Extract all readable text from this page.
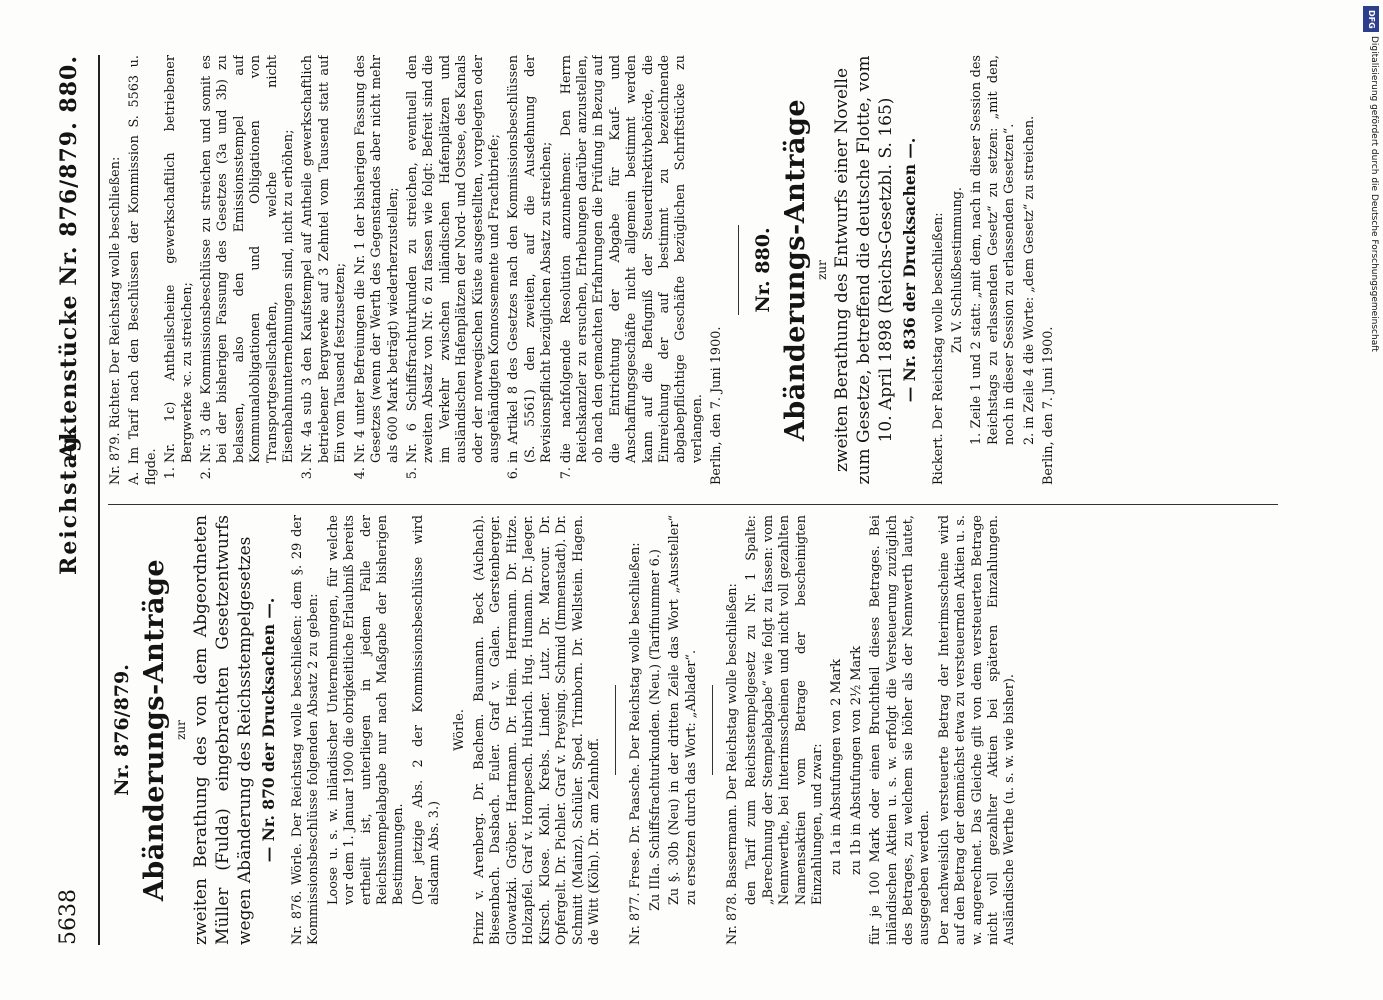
5638
Reichstag.
Aktenstücke Nr. 876/879. 880.
Nr. 876/879. Abänderungs-Anträge zur zweiten Berathung des von dem Abgeordneten Müller (Fulda) eingebrachten Gesetzentwurfs wegen Abänderung des Reichsstempelgesetzes — Nr. 870 der Drucksachen —. Nr. 876. Wörle. Der Reichstag wolle beschließen: dem §. 29 der Kommissionsbeschlüsse folgenden Absatz 2 zu geben: Loose u. s. w. inländischer Unternehmungen, für welche vor dem 1. Januar 1900 die obrigkeitliche Erlaubniß bereits ertheilt ist, unterliegen in jedem Falle der Reichsstempelabgabe nur nach Maßgabe der bisherigen Bestimmungen. (Der jetzige Abs. 2 der Kommissionsbeschlüsse wird alsdann Abs. 3.)

Wörle. Prinz v. Arenberg. Dr. Bachem. Baumann. Beck (Aichach). Biesenbach. Dasbach. Euler. Graf v. Galen. Gerstenberger. Glowatzki. Gröber. Hartmann. Dr. Heim. Herrmann. Dr. Hitze. Holzapfel. Graf v. Hompesch. Hubrich. Hug. Humann. Dr. Jaeger. Kirsch. Klose. Kohl. Krebs. Linder. Lutz. Dr. Marcour. Dr. Opfergelt. Dr. Pichler. Graf v. Preysing. Schmid (Immenstadt). Dr. Schmitt (Mainz). Schüler. Sped. Trimborn. Dr. Wellstein. Hagen. de Witt (Köln). Dr. am Zehnhoff. Nr. 877. Frese. Dr. Paasche. Der Reichstag wolle beschließen: Zu IIIa. Schiffsfrachturkunden. (Neu.) (Tarifnummer 6.) Zu §. 30b (Neu) in der dritten Zeile das Wort „Aussteller“ zu ersetzen durch das Wort: „Ablader“. Nr. 878. Bassermann. Der Reichstag wolle beschließen: den Tarif zum Reichsstempelgesetz zu Nr. 1 Spalte: „Berechnung der Stempelabgabe“ wie folgt zu fassen: vom Nennwerthe, bei Interimsscheinen und nicht voll gezahlten Namensaktien vom Betrage der bescheinigten Einzahlungen, und zwar: zu 1a in Abstufungen von 2 Mark zu 1b in Abstufungen von 2½ Mark für je 100 Mark oder einen Bruchtheil dieses Betrages. Bei inländischen Aktien u. s. w. erfolgt die Versteuerung zuzüglich des Betrages, zu welchem sie höher als der Nennwerth lautet, ausgegeben werden. Der nachweislich versteuerte Betrag der Interimsscheine wird auf den Betrag der demnächst etwa zu versteuernden Aktien u. s. w. angerechnet. Das Gleiche gilt von dem versteuerten Betrage nicht voll gezahlter Aktien bei späteren Einzahlungen. Ausländische Werthe (u. s. w. wie bisher).

Nr. 879. Richter. Der Reichstag wolle beschließen: A. Im Tarif nach den Beschlüssen der Kommission S. 5563 u. flgde.

1. Nr. 1c) Antheilscheine gewerkschaftlich betriebener Bergwerke ꝛc. zu streichen; 2. Nr. 3 die Kommissionsbeschlüsse zu streichen und somit es bei der bisherigen Fassung des Gesetzes (3a und 3b) zu belassen, also den Emissionsstempel auf Kommunalobligationen und Obligationen von Transportgesellschaften, welche nicht Eisenbahnunternehmungen sind, nicht zu erhöhen; 3. Nr. 4a sub 3 den Kaufstempel auf Antheile gewerkschaftlich betriebener Bergwerke auf 3 Zehntel vom Tausend statt auf Ein vom Tausend festzusetzen; 4. Nr. 4 unter Befreiungen die Nr. 1 der bisherigen Fassung des Gesetzes (wenn der Werth des Gegenstandes aber nicht mehr als 600 Mark beträgt) wiederherzustellen; 5. Nr. 6 Schiffsfrachturkunden zu streichen, eventuell den zweiten Absatz von Nr. 6 zu fassen wie folgt: Befreit sind die im Verkehr zwischen inländischen Hafenplätzen und ausländischen Hafenplätzen der Nord- und Ostsee, des Kanals oder der norwegischen Küste ausgestellten, vorgelegten oder ausgehändigten Konnossemente und Frachtbriefe; 6. in Artikel 8 des Gesetzes nach den Kommissionsbeschlüssen (S. 5561) den zweiten, auf die Ausdehnung der Revisionspflicht bezüglichen Absatz zu streichen; 7. die nachfolgende Resolution anzunehmen: Den Herrn Reichskanzler zu ersuchen, Erhebungen darüber anzustellen, ob nach den gemachten Erfahrungen die Prüfung in Bezug auf die Entrichtung der Abgabe für Kauf- und Anschaffungsgeschäfte nicht allgemein bestimmt werden kann auf die Befugniß der Steuerdirektivbehörde, die Einreichung der auf bestimmt zu bezeichnende abgabepflichtige Geschäfte bezüglichen Schriftstücke zu verlangen. Berlin, den 7. Juni 1900.

Nr. 880. Abänderungs-Anträge zur zweiten Berathung des Entwurfs einer Novelle zum Gesetze, betreffend die deutsche Flotte, vom 10. April 1898 (Reichs-Gesetzbl. S. 165) — Nr. 836 der Drucksachen —. Rickert. Der Reichstag wolle beschließen: Zu V. Schlußbestimmung. 1. Zeile 1 und 2 statt: „mit dem, nach in dieser Session des Reichstags zu erlassenden Gesetz“ zu setzen: „mit den, noch in dieser Session zu erlassenden Gesetzen“. 2. in Zeile 4 die Worte: „dem Gesetz“ zu streichen. Berlin, den 7. Juni 1900.

DFG
Digitalisierung gefördert durch die Deutsche Forschungsgemeinschaft
